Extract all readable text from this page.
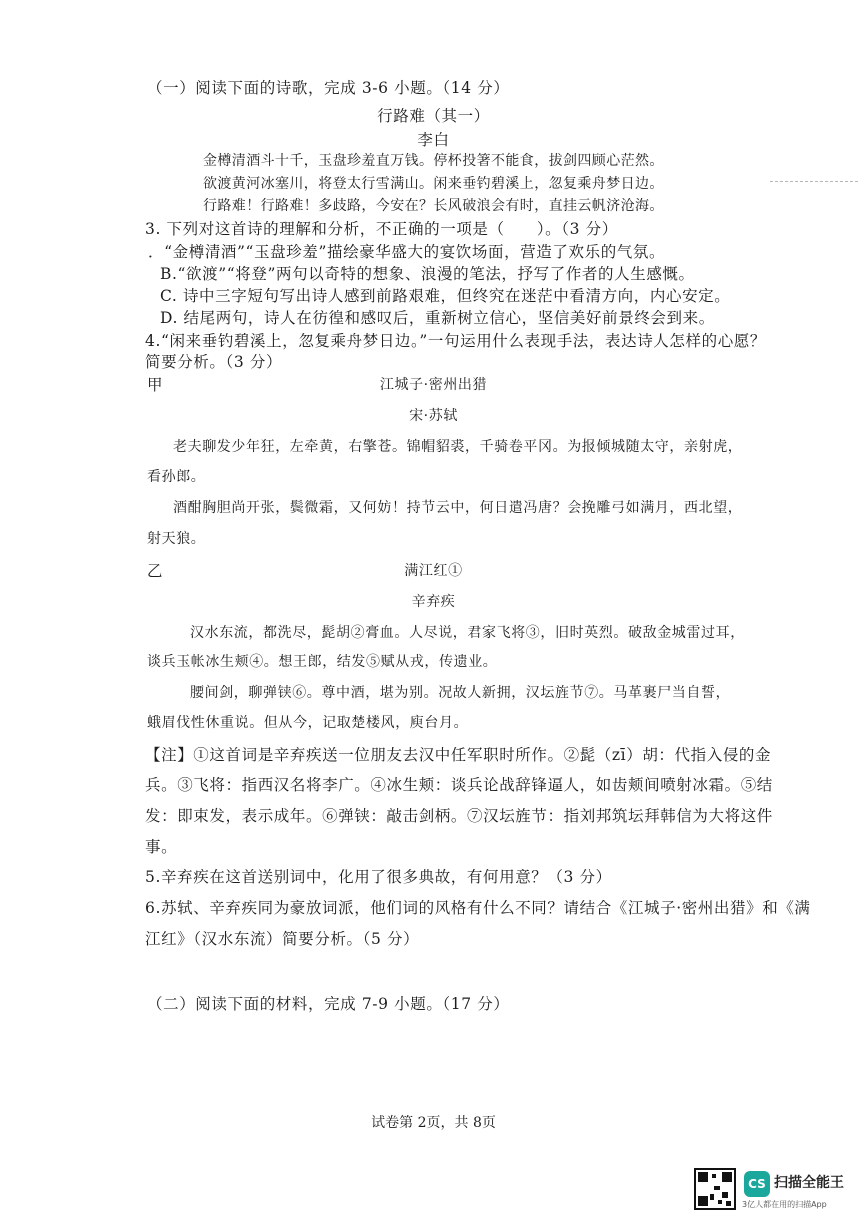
（一）阅读下面的诗歌，完成 3-6 小题。（14 分）
行路难（其一）
李白
金樽清酒斗十千，玉盘珍羞直万钱。停杯投箸不能食，拔剑四顾心茫然。
欲渡黄河冰塞川，将登太行雪满山。闲来垂钓碧溪上，忽复乘舟梦日边。
行路难！行路难！多歧路，今安在？长风破浪会有时，直挂云帆济沧海。
3. 下列对这首诗的理解和分析，不正确的一项是（　　）。（3 分）
．“金樽清酒”“玉盘珍羞”描绘豪华盛大的宴饮场面，营造了欢乐的气氛。
B.“欲渡”“将登”两句以奇特的想象、浪漫的笔法，抒写了作者的人生感慨。
C. 诗中三字短句写出诗人感到前路艰难，但终究在迷茫中看清方向，内心安定。
D. 结尾两句，诗人在彷徨和感叹后，重新树立信心，坚信美好前景终会到来。
4.“闲来垂钓碧溪上，忽复乘舟梦日边。”一句运用什么表现手法，表达诗人怎样的心愿？
简要分析。（3 分）
甲	江城子·密州出猎
宋·苏轼
老夫聊发少年狂，左牵黄，右擎苍。锦帽貂裘，千骑卷平冈。为报倾城随太守，亲射虎，
看孙郎。
酒酣胸胆尚开张，鬓微霜，又何妨！持节云中，何日遣冯唐？会挽雕弓如满月，西北望，
射天狼。
乙	满江红①
辛弃疾
汉水东流，都洗尽，髭胡②膏血。人尽说，君家飞将③，旧时英烈。破敌金城雷过耳，
谈兵玉帐冰生颊④。想王郎，结发⑤赋从戎，传遗业。
腰间剑，聊弹铗⑥。尊中酒，堪为别。况故人新拥，汉坛旌节⑦。马革裹尸当自誓，
蛾眉伐性休重说。但从今，记取楚楼风，庾台月。
【注】①这首词是辛弃疾送一位朋友去汉中任军职时所作。②髭（zī）胡：代指入侵的金
兵。③飞将：指西汉名将李广。④冰生颊：谈兵论战辞锋逼人，如齿颊间喷射冰霜。⑤结
发：即束发，表示成年。⑥弹铗：敲击剑柄。⑦汉坛旌节：指刘邦筑坛拜韩信为大将这件
事。
5.辛弃疾在这首送别词中，化用了很多典故，有何用意？（3 分）
6.苏轼、辛弃疾同为豪放词派，他们词的风格有什么不同？请结合《江城子·密州出猎》和《满
江红》（汉水东流）简要分析。（5 分）
（二）阅读下面的材料，完成 7-9 小题。（17 分）
试卷第 2页，共 8页
CS 扫描全能王
3亿人都在用的扫描App
